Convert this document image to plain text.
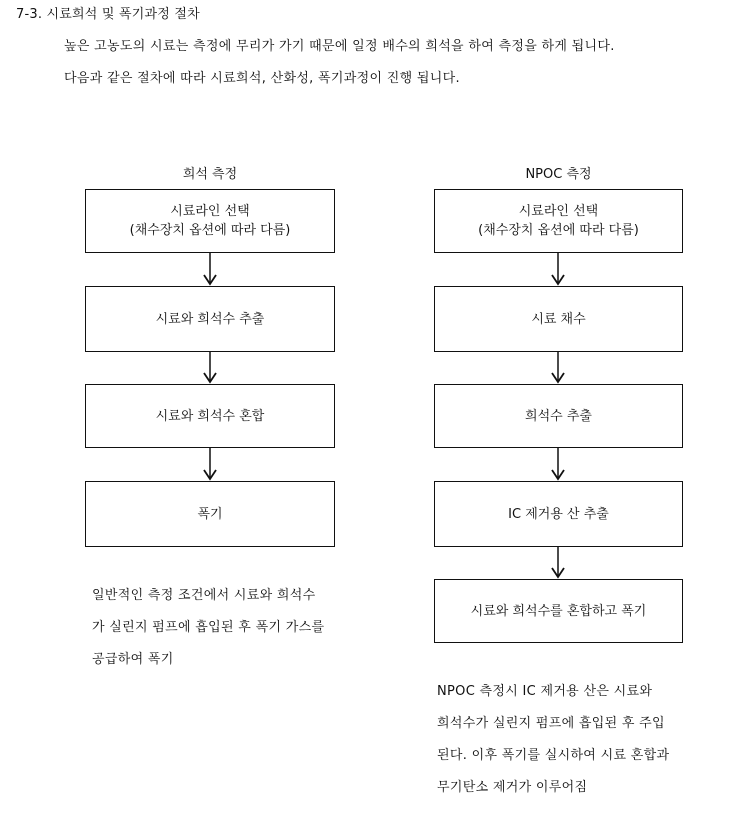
7-3. 시료희석 및 폭기과정 절차
높은 고농도의 시료는 측정에 무리가 가기 때문에 일정 배수의 희석을 하여 측정을 하게 됩니다.
다음과 같은 절차에 따라 시료희석, 산화성, 폭기과정이 진행 됩니다.
희석 측정
시료라인 선택
(채수장치 옵션에 따라 다름)
시료와 희석수 추출
시료와 희석수 혼합
폭기
일반적인 측정 조건에서 시료와 희석수
가 실린지 펌프에 흡입된 후 폭기 가스를
공급하여 폭기
NPOC 측정
시료라인 선택
(채수장치 옵션에 따라 다름)
시료 채수
희석수 추출
IC 제거용 산 추출
시료와 희석수를 혼합하고 폭기
NPOC 측정시 IC 제거용 산은 시료와
희석수가 실린지 펌프에 흡입된 후 주입
된다. 이후 폭기를 실시하여 시료 혼합과
무기탄소 제거가 이루어짐
